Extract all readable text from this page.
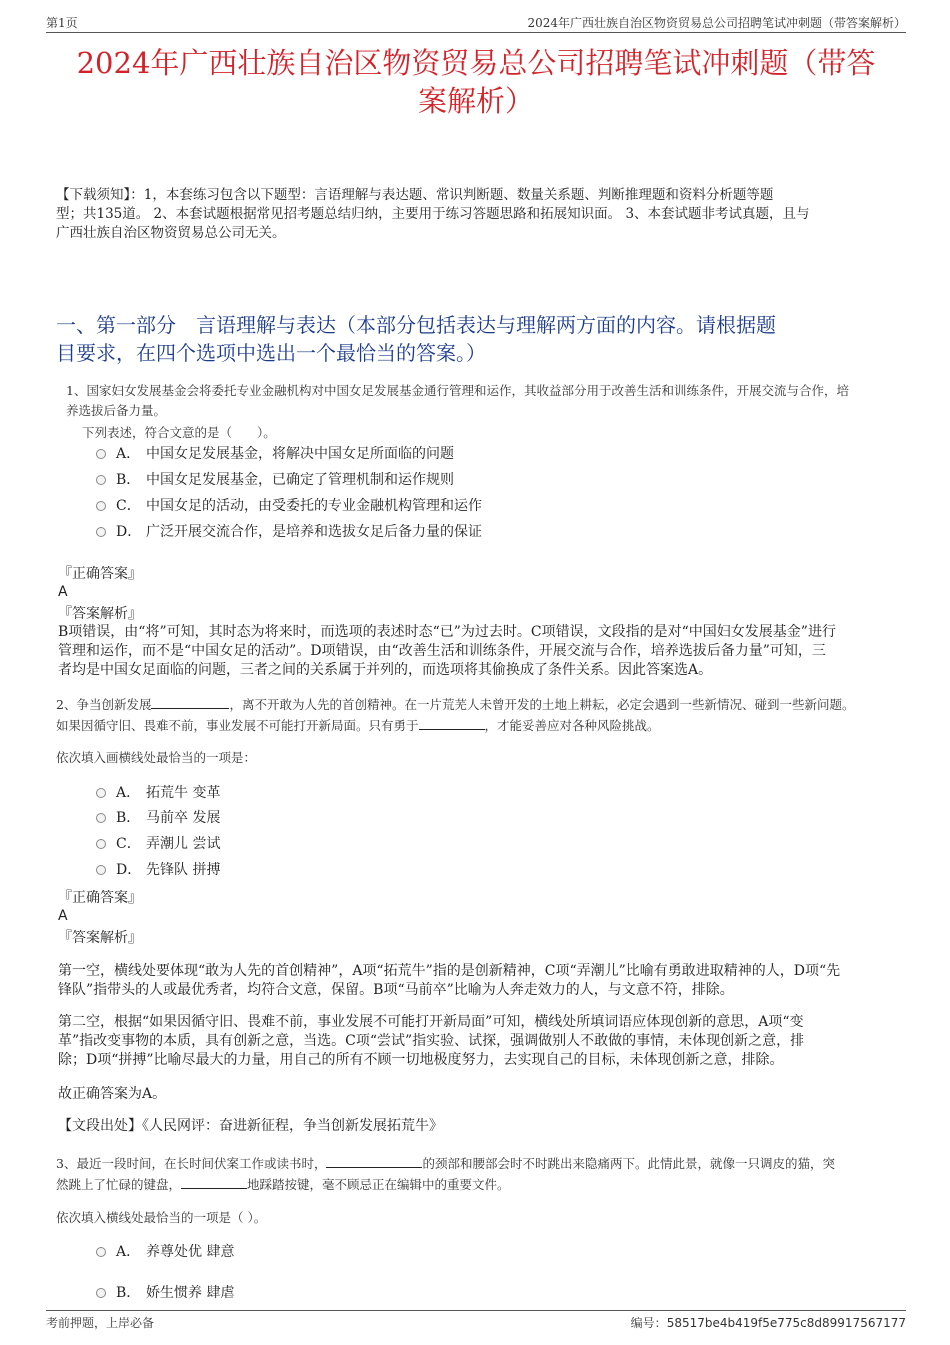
第1页	2024年广西壮族自治区物资贸易总公司招聘笔试冲刺题（带答案解析）
2024年广西壮族自治区物资贸易总公司招聘笔试冲刺题（带答
案解析）
【下载须知】：1，本套练习包含以下题型：言语理解与表达题、常识判断题、数量关系题、判断推理题和资料分析题等题
型；共135道。 2、本套试题根据常见招考题总结归纳，主要用于练习答题思路和拓展知识面。 3、本套试题非考试真题，且与
广西壮族自治区物资贸易总公司无关。
一、第一部分　言语理解与表达（本部分包括表达与理解两方面的内容。请根据题
目要求，在四个选项中选出一个最恰当的答案。）
1、国家妇女发展基金会将委托专业金融机构对中国女足发展基金通行管理和运作，其收益部分用于改善生活和训练条件，开展交流与合作，培
养选拔后备力量。
下列表述，符合文意的是（　　）。
A． 中国女足发展基金，将解决中国女足所面临的问题
B． 中国女足发展基金，已确定了管理机制和运作规则
C． 中国女足的活动，由受委托的专业金融机构管理和运作
D． 广泛开展交流合作，是培养和选拔女足后备力量的保证
『正确答案』
A
『答案解析』
B项错误，由“将”可知，其时态为将来时，而选项的表述时态“已”为过去时。C项错误，文段指的是对“中国妇女发展基金”进行
管理和运作，而不是“中国女足的活动”。D项错误，由“改善生活和训练条件，开展交流与合作，培养选拔后备力量”可知，三
者均是中国女足面临的问题，三者之间的关系属于并列的，而选项将其偷换成了条件关系。因此答案选A。
2、争当创新发展	，离不开敢为人先的首创精神。在一片荒芜人未曾开发的土地上耕耘，必定会遇到一些新情况、碰到一些新问题。
如果因循守旧、畏难不前，事业发展不可能打开新局面。只有勇于	，才能妥善应对各种风险挑战。
依次填入画横线处最恰当的一项是：
A． 拓荒牛 变革
B． 马前卒 发展
C． 弄潮儿 尝试
D． 先锋队 拼搏
『正确答案』
A
『答案解析』
第一空，横线处要体现“敢为人先的首创精神”，A项“拓荒牛”指的是创新精神，C项“弄潮儿”比喻有勇敢进取精神的人，D项“先
锋队”指带头的人或最优秀者，均符合文意，保留。B项“马前卒”比喻为人奔走效力的人，与文意不符，排除。
第二空，根据“如果因循守旧、畏难不前，事业发展不可能打开新局面”可知，横线处所填词语应体现创新的意思，A项“变
革”指改变事物的本质，具有创新之意，当选。C项“尝试”指实验、试探，强调做别人不敢做的事情，未体现创新之意，排
除；D项“拼搏”比喻尽最大的力量，用自己的所有不顾一切地极度努力，去实现自己的目标，未体现创新之意，排除。
故正确答案为A。
【文段出处】《人民网评：奋进新征程，争当创新发展拓荒牛》
3、最近一段时间，在长时间伏案工作或读书时，	的颈部和腰部会时不时跳出来隐痛两下。此情此景，就像一只调皮的猫，突
然跳上了忙碌的键盘，	地踩踏按键，毫不顾忌正在编辑中的重要文件。
依次填入横线处最恰当的一项是（ ）。
A． 养尊处优 肆意
B． 娇生惯养 肆虐
考前押题，上岸必备	编号：58517be4b419f5e775c8d89917567177
